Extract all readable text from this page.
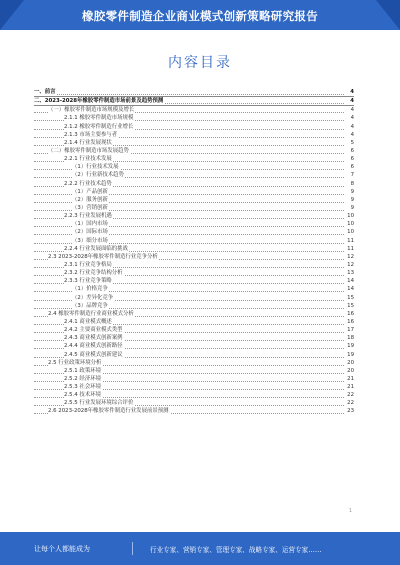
橡胶零件制造企业商业模式创新策略研究报告
内容目录
一、前言	4
二、2023-2028年橡胶零件制造市场前景及趋势预测	4
（一）橡胶零件制造市场规模及增长	4
2.1.1 橡胶零件制造市场规模	4
2.1.2 橡胶零件制造行业增长	4
2.1.3 市场主要参与者	4
2.1.4 行业发展现状	5
（二）橡胶零件制造市场发展趋势	6
2.2.1 行业技术发展	6
（1）行业技术发展	6
（2）行业新技术趋势	7
2.2.2 行业技术趋势	8
（1）产品创新	9
（2）服务创新	9
（3）营销创新	9
2.2.3 行业发展机遇	10
（1）国内市场	10
（2）国际市场	10
（3）细分市场	11
2.2.4 行业发展面临的挑战	11
2.3 2023-2028年橡胶零件制造行业竞争分析	12
2.3.1 行业竞争格局	12
2.3.2 行业竞争结构分析	13
2.3.3 行业竞争策略	14
（1）价格竞争	14
（2）差异化竞争	15
（3）品牌竞争	15
2.4 橡胶零件制造行业商业模式分析	16
2.4.1 商业模式概述	16
2.4.2 主要商业模式类型	17
2.4.3 商业模式创新案例	18
2.4.4 商业模式创新路径	19
2.4.5 商业模式创新建议	19
2.5 行业政策环境分析	20
2.5.1 政策环境	20
2.5.2 经济环境	21
2.5.3 社会环境	21
2.5.4 技术环境	22
2.5.5 行业发展环境综合评价	22
2.6 2023-2028年橡胶零件制造行业发展前景预测	23
1
让每个人都能成为	行业专家、营销专家、管理专家、战略专家、运营专家……
